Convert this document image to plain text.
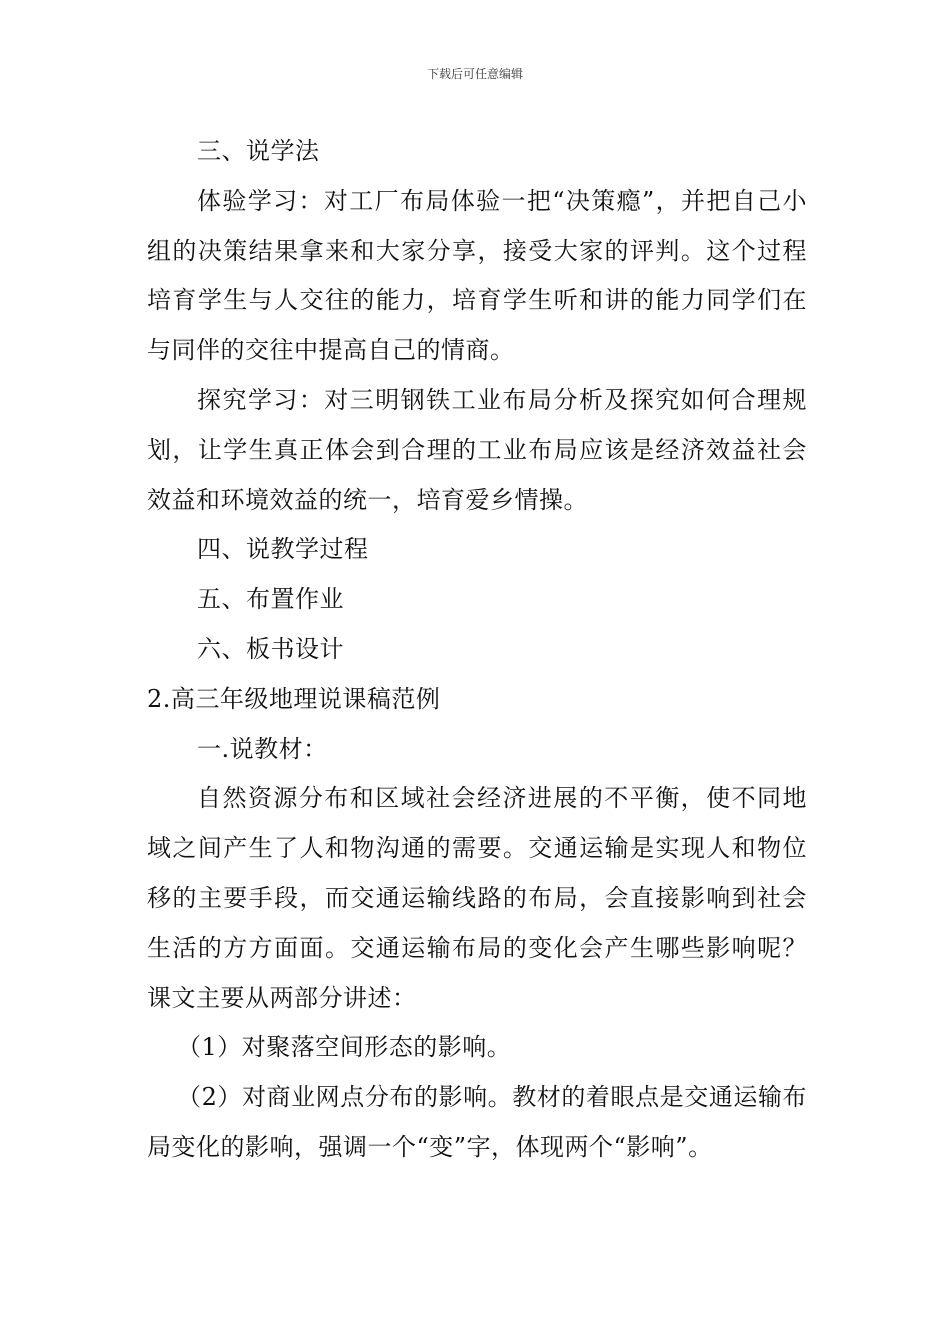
下载后可任意编辑

三、说学法

体验学习：对工厂布局体验一把“决策瘾”，并把自己小组的决策结果拿来和大家分享，接受大家的评判。这个过程培育学生与人交往的能力，培育学生听和讲的能力同学们在与同伴的交往中提高自己的情商。

探究学习：对三明钢铁工业布局分析及探究如何合理规划，让学生真正体会到合理的工业布局应该是经济效益社会效益和环境效益的统一，培育爱乡情操。

四、说教学过程

五、布置作业

六、板书设计

2.高三年级地理说课稿范例

一.说教材：

自然资源分布和区域社会经济进展的不平衡，使不同地域之间产生了人和物沟通的需要。交通运输是实现人和物位移的主要手段，而交通运输线路的布局，会直接影响到社会生活的方方面面。交通运输布局的变化会产生哪些影响呢？课文主要从两部分讲述：

（1）对聚落空间形态的影响。

（2）对商业网点分布的影响。教材的着眼点是交通运输布局变化的影响，强调一个“变”字，体现两个“影响”。
